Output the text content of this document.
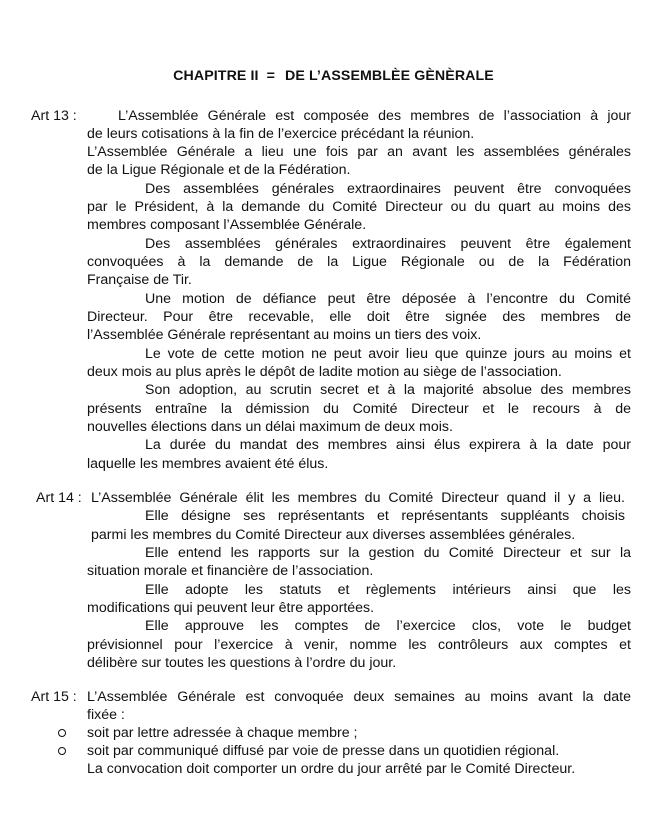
CHAPITRE II = DE L’ASSEMBLÈE GÈNÈRALE
Art 13 :	L’Assemblée Générale est composée des membres de l’association à jour
de leurs cotisations à la fin de l’exercice précédant la réunion.
L’Assemblée Générale a lieu une fois par an avant les assemblées générales
de la Ligue Régionale et de la Fédération.
Des assemblées générales extraordinaires peuvent être convoquées
par le Président, à la demande du Comité Directeur ou du quart au moins des
membres composant l’Assemblée Générale.
Des assemblées générales extraordinaires peuvent être également
convoquées à la demande de la Ligue Régionale ou de la Fédération
Française de Tir.
Une motion de défiance peut être déposée à l’encontre du Comité
Directeur. Pour être recevable, elle doit être signée des membres de
l’Assemblée Générale représentant au moins un tiers des voix.
Le vote de cette motion ne peut avoir lieu que quinze jours au moins et
deux mois au plus après le dépôt de ladite motion au siège de l’association.
Son adoption, au scrutin secret et à la majorité absolue des membres
présents entraîne la démission du Comité Directeur et le recours à de
nouvelles élections dans un délai maximum de deux mois.
La durée du mandat des membres ainsi élus expirera à la date pour
laquelle les membres avaient été élus.
Art 14 : L’Assemblée Générale élit les membres du Comité Directeur quand il y a lieu.
Elle désigne ses représentants et représentants suppléants choisis
parmi les membres du Comité Directeur aux diverses assemblées générales.
Elle entend les rapports sur la gestion du Comité Directeur et sur la
situation morale et financière de l’association.
Elle adopte les statuts et règlements intérieurs ainsi que les
modifications qui peuvent leur être apportées.
Elle approuve les comptes de l’exercice clos, vote le budget
prévisionnel pour l’exercice à venir, nomme les contrôleurs aux comptes et
délibère sur toutes les questions à l’ordre du jour.
Art 15 : L’Assemblée Générale est convoquée deux semaines au moins avant la date
fixée :
soit par lettre adressée à chaque membre ;
soit par communiqué diffusé par voie de presse dans un quotidien régional.
La convocation doit comporter un ordre du jour arrêté par le Comité Directeur.
